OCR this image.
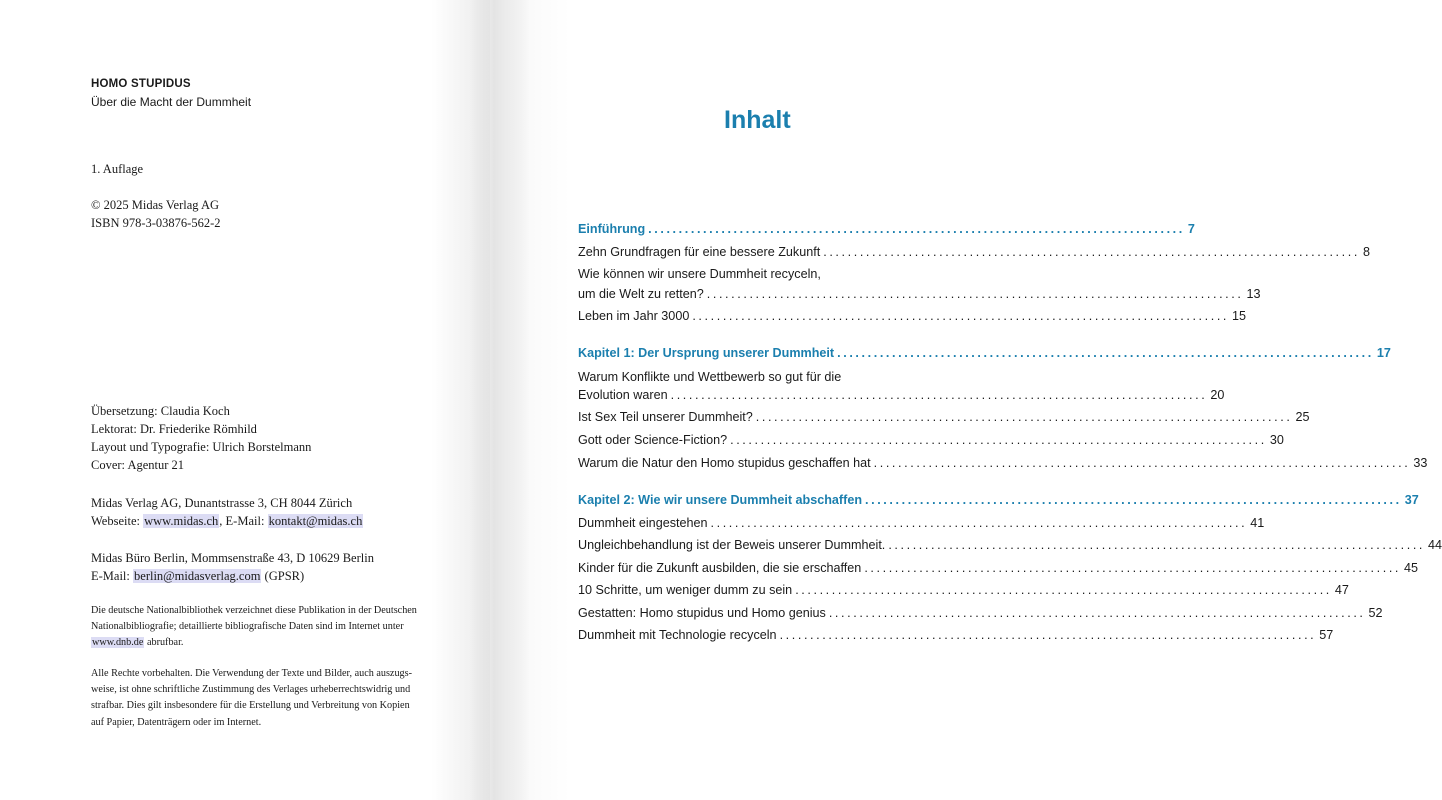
HOMO STUPIDUS
Über die Macht der Dummheit
1. Auflage
© 2025 Midas Verlag AG
ISBN 978-3-03876-562-2
Übersetzung: Claudia Koch
Lektorat: Dr. Friederike Römhild
Layout und Typografie: Ulrich Borstelmann
Cover: Agentur 21
Midas Verlag AG, Dunantstrasse 3, CH 8044 Zürich
Webseite: www.midas.ch, E-Mail: kontakt@midas.ch
Midas Büro Berlin, Mommsenstraße 43, D 10629 Berlin
E-Mail: berlin@midasverlag.com (GPSR)
Die deutsche Nationalbibliothek verzeichnet diese Publikation in der Deutschen
Nationalbibliografie; detaillierte bibliografische Daten sind im Internet unter
www.dnb.de abrufbar.
Alle Rechte vorbehalten. Die Verwendung der Texte und Bilder, auch auszugs-
weise, ist ohne schriftliche Zustimmung des Verlages urheberrechtswidrig und
strafbar. Dies gilt insbesondere für die Erstellung und Verbreitung von Kopien
auf Papier, Datenträgern oder im Internet.
Inhalt
Einführung ........................................................................................ 7
Zehn Grundfragen für eine bessere Zukunft ........................................................................................ 8
Wie können wir unsere Dummheit recyceln,
um die Welt zu retten? ........................................................................................ 13
Leben im Jahr 3000 ........................................................................................ 15
Kapitel 1: Der Ursprung unserer Dummheit ........................................................................................ 17
Warum Konflikte und Wettbewerb so gut für die
Evolution waren ........................................................................................ 20
Ist Sex Teil unserer Dummheit? ........................................................................................ 25
Gott oder Science-Fiction? ........................................................................................ 30
Warum die Natur den Homo stupidus geschaffen hat ........................................................................................ 33
Kapitel 2: Wie wir unsere Dummheit abschaffen ........................................................................................ 37
Dummheit eingestehen ........................................................................................ 41
Ungleichbehandlung ist der Beweis unserer Dummheit. ........................................................................................ 44
Kinder für die Zukunft ausbilden, die sie erschaffen ........................................................................................ 45
10 Schritte, um weniger dumm zu sein ........................................................................................ 47
Gestatten: Homo stupidus und Homo genius ........................................................................................ 52
Dummheit mit Technologie recyceln ........................................................................................ 57
